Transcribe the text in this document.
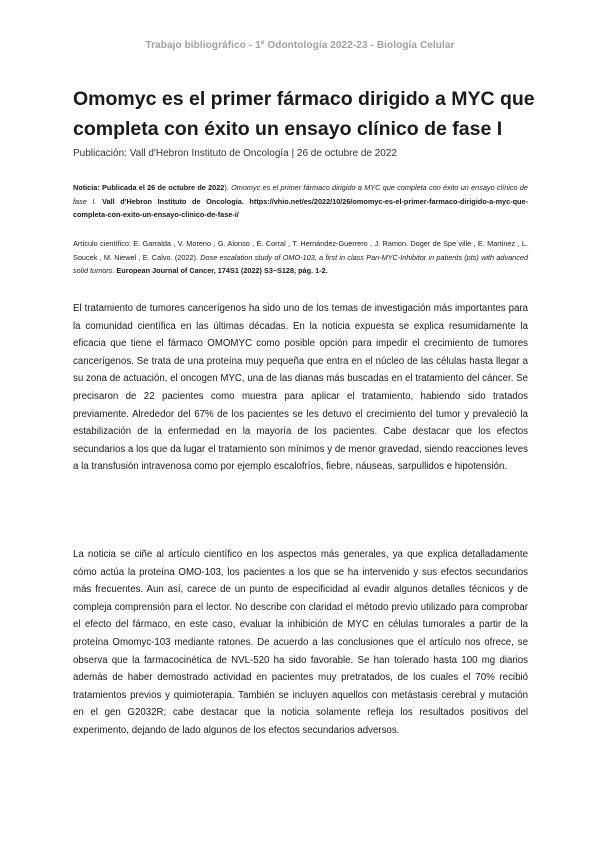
Trabajo bibliográfico - 1º Odontología 2022-23 - Biología Celular
Omomyc es el primer fármaco dirigido a MYC que completa con éxito un ensayo clínico de fase I
Publicación: Vall d'Hebron Instituto de Oncología | 26 de octubre de 2022

Noticia: Publicada el 26 de octubre de 2022). Omomyc es el primer fármaco dirigido a MYC que completa con éxito un ensayo clínico de fase I. Vall d'Hebron Instituto de Oncología. https://vhio.net/es/2022/10/26/omomyc-es-el-primer-farmaco-dirigido-a-myc-que-completa-con-exito-un-ensayo-clinico-de-fase-i/

Artículo científico: E. Garralda , V. Moreno , G. Alonso , E. Corral , T. Hernández-Guerrero , J. Ramon. Doger de Spe´ville , E. Martinez , L. Soucek , M. Niewel , E. Calvo. (2022). Dose escalation study of OMO-103, a first in class Pan-MYC-Inhibitor in patients (pts) with advanced solid tumors. European Journal of Cancer, 174S1 (2022) S3–S128, pág. 1-2.

El tratamiento de tumores cancerígenos ha sido uno de los temas de investigación más importantes para la comunidad científica en las últimas décadas. En la noticia expuesta se explica resumidamente la eficacia que tiene el fármaco OMOMYC como posible opción para impedir el crecimiento de tumores cancerígenos. Se trata de una proteína muy pequeña que entra en el núcleo de las células hasta llegar a su zona de actuación, el oncogen MYC, una de las dianas más buscadas en el tratamiento del cáncer. Se precisaron de 22 pacientes como muestra para aplicar el tratamiento, habiendo sido tratados previamente. Alrededor del 67% de los pacientes se les detuvo el crecimiento del tumor y prevaleció la estabilización de la enfermedad en la mayoría de los pacientes. Cabe destacar que los efectos secundarios a los que da lugar el tratamiento son mínimos y de menor gravedad, siendo reacciones leves a la transfusión intravenosa como por ejemplo escalofríos, fiebre, náuseas, sarpullidos e hipotensión.

La noticia se ciñe al artículo científico en los aspectos más generales, ya que explica detalladamente cómo actúa la proteína OMO-103, los pacientes a los que se ha intervenido y sus efectos secundarios más frecuentes. Aun así, carece de un punto de especificidad al evadir algunos detalles técnicos y de compleja comprensión para el lector. No describe con claridad el método previo utilizado para comprobar el efecto del fármaco, en este caso, evaluar la inhibición de MYC en células tumorales a partir de la proteína Omomyc-103 mediante ratones. De acuerdo a las conclusiones que el artículo nos ofrece, se observa que la farmacocinética de NVL-520 ha sido favorable. Se han tolerado hasta 100 mg diarios además de haber demostrado actividad en pacientes muy pretratados, de los cuales el 70% recibió tratamientos previos y quimioterapia. También se incluyen aquellos con metástasis cerebral y mutación en el gen G2032R; cabe destacar que la noticia solamente refleja los resultados positivos del experimento, dejando de lado algunos de los efectos secundarios adversos.
